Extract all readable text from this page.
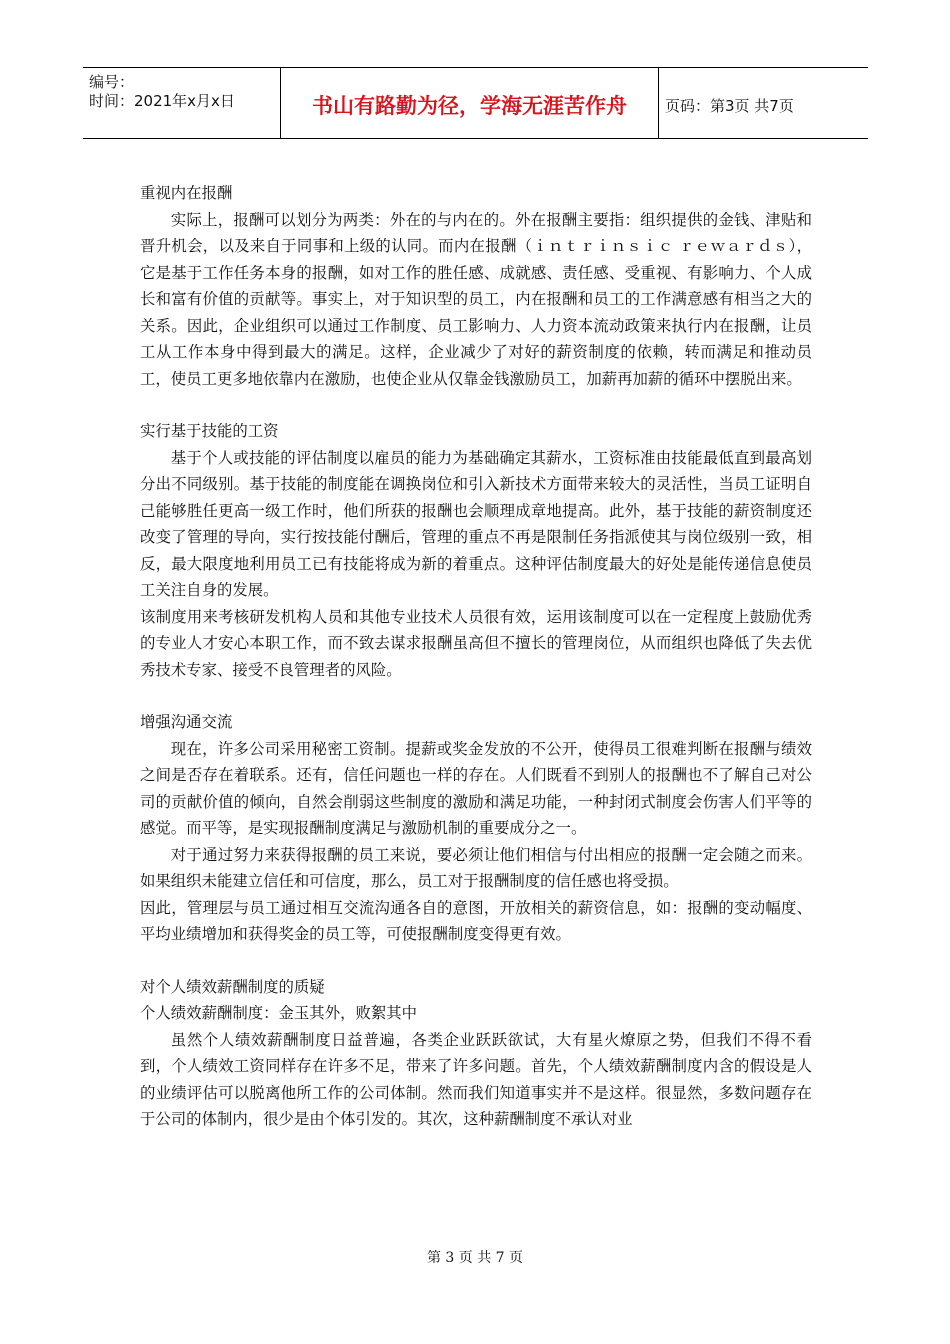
编号：
时间：2021年x月x日	书山有路勤为径，学海无涯苦作舟	页码：第3页 共7页

重视内在报酬

实际上，报酬可以划分为两类：外在的与内在的。外在报酬主要指：组织提供的金钱、津贴和晋升机会，以及来自于同事和上级的认同。而内在报酬（ｉｎｔｒｉｎｓｉｃ ｒｅｗａｒｄｓ），它是基于工作任务本身的报酬，如对工作的胜任感、成就感、责任感、受重视、有影响力、个人成长和富有价值的贡献等。事实上，对于知识型的员工，内在报酬和员工的工作满意感有相当之大的关系。因此，企业组织可以通过工作制度、员工影响力、人力资本流动政策来执行内在报酬，让员工从工作本身中得到最大的满足。这样，企业减少了对好的薪资制度的依赖，转而满足和推动员工，使员工更多地依靠内在激励，也使企业从仅靠金钱激励员工，加薪再加薪的循环中摆脱出来。

实行基于技能的工资

基于个人或技能的评估制度以雇员的能力为基础确定其薪水，工资标准由技能最低直到最高划分出不同级别。基于技能的制度能在调换岗位和引入新技术方面带来较大的灵活性，当员工证明自己能够胜任更高一级工作时，他们所获的报酬也会顺理成章地提高。此外，基于技能的薪资制度还改变了管理的导向，实行按技能付酬后，管理的重点不再是限制任务指派使其与岗位级别一致，相反，最大限度地利用员工已有技能将成为新的着重点。这种评估制度最大的好处是能传递信息使员工关注自身的发展。

该制度用来考核研发机构人员和其他专业技术人员很有效，运用该制度可以在一定程度上鼓励优秀的专业人才安心本职工作，而不致去谋求报酬虽高但不擅长的管理岗位，从而组织也降低了失去优秀技术专家、接受不良管理者的风险。

增强沟通交流

现在，许多公司采用秘密工资制。提薪或奖金发放的不公开，使得员工很难判断在报酬与绩效之间是否存在着联系。还有，信任问题也一样的存在。人们既看不到别人的报酬也不了解自己对公司的贡献价值的倾向，自然会削弱这些制度的激励和满足功能，一种封闭式制度会伤害人们平等的感觉。而平等，是实现报酬制度满足与激励机制的重要成分之一。

对于通过努力来获得报酬的员工来说，要必须让他们相信与付出相应的报酬一定会随之而来。如果组织未能建立信任和可信度，那么，员工对于报酬制度的信任感也将受损。

因此，管理层与员工通过相互交流沟通各自的意图，开放相关的薪资信息，如：报酬的变动幅度、平均业绩增加和获得奖金的员工等，可使报酬制度变得更有效。

对个人绩效薪酬制度的质疑

个人绩效薪酬制度：金玉其外，败絮其中

虽然个人绩效薪酬制度日益普遍，各类企业跃跃欲试，大有星火燎原之势，但我们不得不看到，个人绩效工资同样存在许多不足，带来了许多问题。首先，个人绩效薪酬制度内含的假设是人的业绩评估可以脱离他所工作的公司体制。然而我们知道事实并不是这样。很显然，多数问题存在于公司的体制内，很少是由个体引发的。其次，这种薪酬制度不承认对业

第 3 页 共 7 页
